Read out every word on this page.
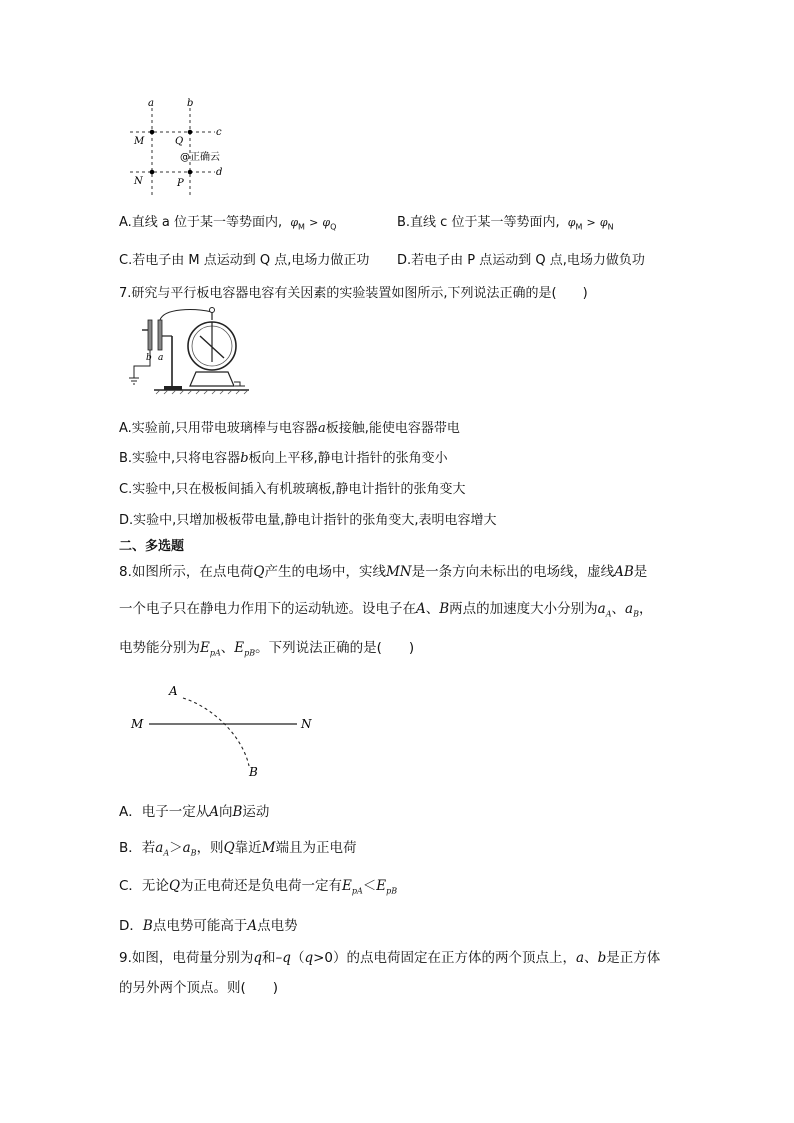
a	b
c
d
M
N
Q
P
@正确云
A.直线 a 位于某一等势面内, $\varphi_M > \varphi_Q$	B.直线 c 位于某一等势面内, $\varphi_M > \varphi_N$
C.若电子由 M 点运动到 Q 点,电场力做正功 D.若电子由 P 点运动到 Q 点,电场力做负功
7.研究与平行板电容器电容有关因素的实验装置如图所示,下列说法正确的是(　　)
b a
A.实验前,只用带电玻璃棒与电容器a板接触,能使电容器带电
B.实验中,只将电容器b板向上平移,静电计指针的张角变小
C.实验中,只在极板间插入有机玻璃板,静电计指针的张角变大
D.实验中,只增加极板带电量,静电计指针的张角变大,表明电容增大
二、多选题
8.如图所示，在点电荷Q产生的电场中，实线MN是一条方向未标出的电场线，虚线AB是
一个电子只在静电力作用下的运动轨迹。设电子在A、B两点的加速度大小分别为$a_A$、$a_B$，
电势能分别为$E_{pA}$、$E_{pB}$。下列说法正确的是(　　)
A
B
M	N
A．电子一定从A向B运动
B．若$a_A>a_B$，则Q靠近M端且为正电荷
C．无论Q为正电荷还是负电荷一定有$E_{pA}<E_{pB}$
D．B点电势可能高于A点电势
9.如图，电荷量分别为q和–q（q>0）的点电荷固定在正方体的两个顶点上，a、b是正方体
的另外两个顶点。则(　　)
